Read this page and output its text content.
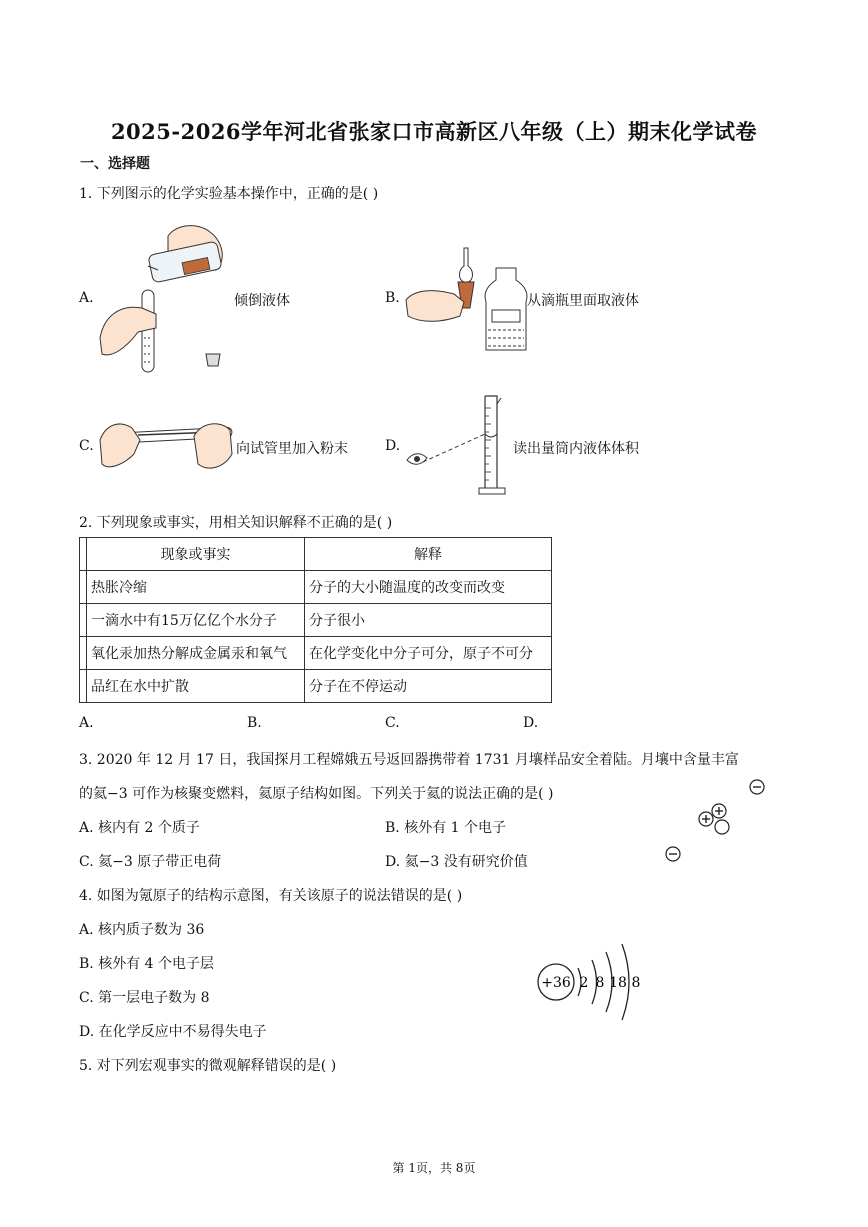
2025-2026学年河北省张家口市高新区八年级（上）期末化学试卷
一、选择题
1. 下列图示的化学实验基本操作中，正确的是( )
A.	倾倒液体	B.	从滴瓶里面取液体
C.	向试管里加入粉末	D.	读出量筒内液体体积
2. 下列现象或事实，用相关知识解释不正确的是( )
	现象或事实	解释
	热胀冷缩	分子的大小随温度的改变而改变
	一滴水中有15万亿亿个水分子	分子很小
	氧化汞加热分解成金属汞和氧气	在化学变化中分子可分，原子不可分
	品红在水中扩散	分子在不停运动
A.	B.	C.	D.
3. 2020 年 12 月 17 日，我国探月工程嫦娥五号返回器携带着 1731 月壤样品安全着陆。月壤中含量丰富
的氦−3 可作为核聚变燃料，氦原子结构如图。下列关于氦的说法正确的是( )
A. 核内有 2 个质子	B. 核外有 1 个电子
C. 氦−3 原子带正电荷	D. 氦−3 没有研究价值
4. 如图为氪原子的结构示意图，有关该原子的说法错误的是( )
A. 核内质子数为 36
B. 核外有 4 个电子层
C. 第一层电子数为 8
D. 在化学反应中不易得失电子
+36 2 8 18 8
5. 对下列宏观事实的微观解释错误的是( )
第 1页，共 8页
